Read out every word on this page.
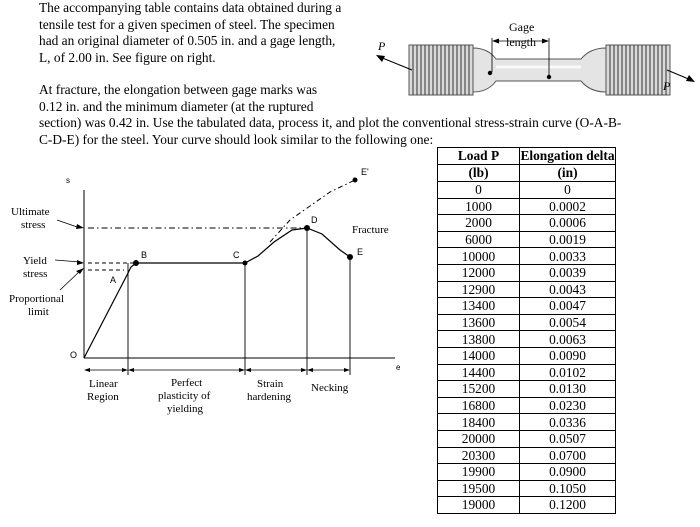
The accompanying table contains data obtained during a
tensile test for a given specimen of steel. The specimen
had an original diameter of 0.505 in. and a gage length,
L, of 2.00 in. See figure on right.
At fracture, the elongation between gage marks was
0.12 in. and the minimum diameter (at the ruptured
section) was 0.42 in. Use the tabulated data, process it, and plot the conventional stress-strain curve (O-A-B-
C-D-E) for the steel. Your curve should look similar to the following one:
Gage
length
P
P
s
e
O
A
B	C
D
E
E'
Fracture
Ultimate
stress
Yield
stress
Proportional
limit
Linear
Region
Perfect
plasticity of
yielding
Strain
hardening
Necking
Load P	Elongation delta
(lb)	(in)
0	0
1000	0.0002
2000	0.0006
6000	0.0019
10000	0.0033
12000	0.0039
12900	0.0043
13400	0.0047
13600	0.0054
13800	0.0063
14000	0.0090
14400	0.0102
15200	0.0130
16800	0.0230
18400	0.0336
20000	0.0507
20300	0.0700
19900	0.0900
19500	0.1050
19000	0.1200
